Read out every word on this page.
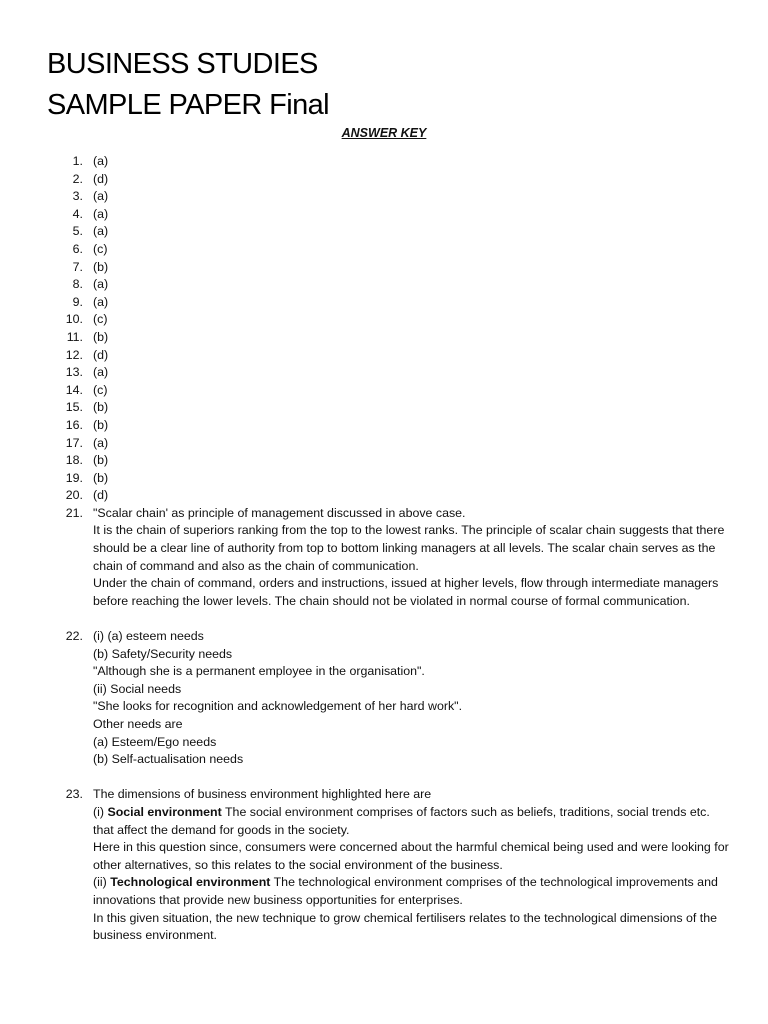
BUSINESS STUDIES
SAMPLE PAPER Final
ANSWER KEY
1. (a)
2. (d)
3. (a)
4. (a)
5. (a)
6. (c)
7. (b)
8. (a)
9. (a)
10. (c)
11. (b)
12. (d)
13. (a)
14. (c)
15. (b)
16. (b)
17. (a)
18. (b)
19. (b)
20. (d)
21. "Scalar chain' as principle of management discussed in above case.

It is the chain of superiors ranking from the top to the lowest ranks. The principle of scalar chain suggests that there should be a clear line of authority from top to bottom linking managers at all levels. The scalar chain serves as the chain of command and also as the chain of communication.

Under the chain of command, orders and instructions, issued at higher levels, flow through intermediate managers before reaching the lower levels. The chain should not be violated in normal course of formal communication.

22. (i) (a) esteem needs

(b) Safety/Security needs

"Although she is a permanent employee in the organisation".

(ii) Social needs

"She looks for recognition and acknowledgement of her hard work".

Other needs are

(a) Esteem/Ego needs

(b) Self-actualisation needs

23. The dimensions of business environment highlighted here are

(i) Social environment The social environment comprises of factors such as beliefs, traditions, social trends etc. that affect the demand for goods in the society.

Here in this question since, consumers were concerned about the harmful chemical being used and were looking for other alternatives, so this relates to the social environment of the business.

(ii) Technological environment The technological environment comprises of the technological improvements and innovations that provide new business opportunities for enterprises.

In this given situation, the new technique to grow chemical fertilisers relates to the technological dimensions of the business environment.
